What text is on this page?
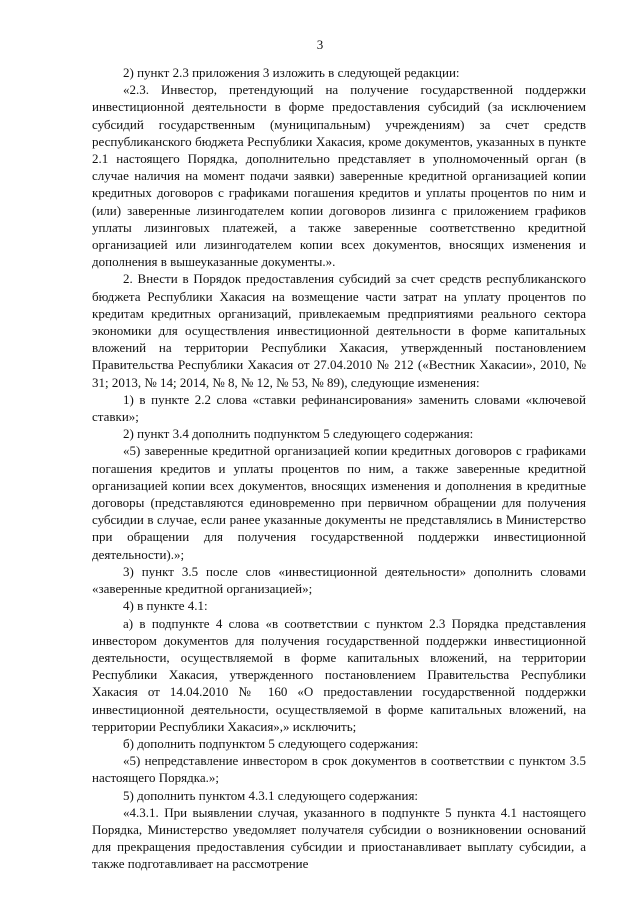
3

2) пункт 2.3 приложения 3 изложить в следующей редакции:

«2.3. Инвестор, претендующий на получение государственной поддержки инвестиционной деятельности в форме предоставления субсидий (за исключением субсидий государственным (муниципальным) учреждениям) за счет средств республиканского бюджета Республики Хакасия, кроме документов, указанных в пункте 2.1 настоящего Порядка, дополнительно представляет в уполномоченный орган (в случае наличия на момент подачи заявки) заверенные кредитной организацией копии кредитных договоров с графиками погашения кредитов и уплаты процентов по ним и (или) заверенные лизингодателем копии договоров лизинга с приложением графиков уплаты лизинговых платежей, а также заверенные соответственно кредитной организацией или лизингодателем копии всех документов, вносящих изменения и дополнения в вышеуказанные документы.».

2. Внести в Порядок предоставления субсидий за счет средств республиканского бюджета Республики Хакасия на возмещение части затрат на уплату процентов по кредитам кредитных организаций, привлекаемым предприятиями реального сектора экономики для осуществления инвестиционной деятельности в форме капитальных вложений на территории Республики Хакасия, утвержденный постановлением Правительства Республики Хакасия от 27.04.2010 № 212 («Вестник Хакасии», 2010, № 31; 2013, № 14; 2014, № 8, № 12, № 53, № 89), следующие изменения:

1) в пункте 2.2 слова «ставки рефинансирования» заменить словами «ключевой ставки»;

2) пункт 3.4 дополнить подпунктом 5 следующего содержания:

«5) заверенные кредитной организацией копии кредитных договоров с графиками погашения кредитов и уплаты процентов по ним, а также заверенные кредитной организацией копии всех документов, вносящих изменения и дополнения в кредитные договоры (представляются единовременно при первичном обращении для получения субсидии в случае, если ранее указанные документы не представлялись в Министерство при обращении для получения государственной поддержки инвестиционной деятельности).»;

3) пункт 3.5 после слов «инвестиционной деятельности» дополнить словами «заверенные кредитной организацией»;

4) в пункте 4.1:

а) в подпункте 4 слова «в соответствии с пунктом 2.3 Порядка представления инвестором документов для получения государственной поддержки инвестиционной деятельности, осуществляемой в форме капитальных вложений, на территории Республики Хакасия, утвержденного постановлением Правительства Республики Хакасия от 14.04.2010 № 160 «О предоставлении государственной поддержки инвестиционной деятельности, осуществляемой в форме капитальных вложений, на территории Республики Хакасия»,» исключить;

б) дополнить подпунктом 5 следующего содержания:

«5) непредставление инвестором в срок документов в соответствии с пунктом 3.5 настоящего Порядка.»;

5) дополнить пунктом 4.3.1 следующего содержания:

«4.3.1. При выявлении случая, указанного в подпункте 5 пункта 4.1 настоящего Порядка, Министерство уведомляет получателя субсидии о возникновении оснований для прекращения предоставления субсидии и приостанавливает выплату субсидии, а также подготавливает на рассмотрение
